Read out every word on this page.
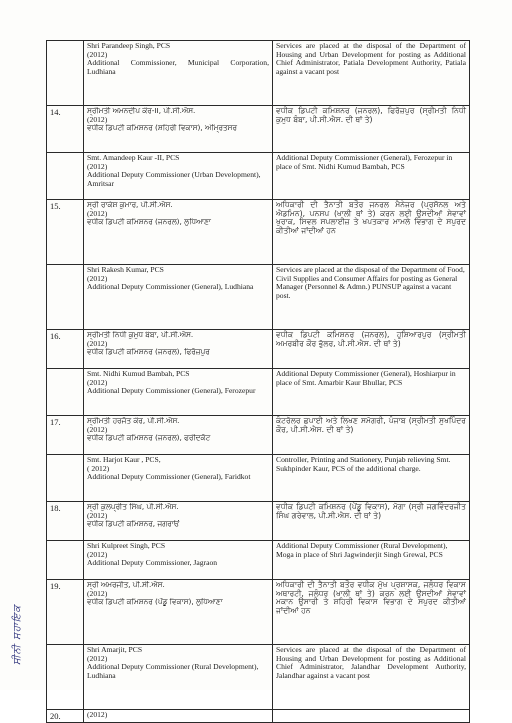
	Shri Parandeep Singh, PCS
(2012)
Additional Commissioner, Municipal Corporation, Ludhiana	Services are placed at the disposal of the Department of Housing and Urban Development for posting as Additional Chief Administrator, Patiala Development Authority, Patiala against a vacant post
14.	ਸ੍ਰੀਮਤੀ ਅਮਨਦੀਪ ਕੌਰ-II, ਪੀ.ਸੀ.ਐਸ.
(2012)
ਵਧੀਕ ਡਿਪਟੀ ਕਮਿਸ਼ਨਰ (ਸ਼ਹਿਰੀ ਵਿਕਾਸ), ਅੰਮ੍ਰਿਤਸਰ	ਵਧੀਕ ਡਿਪਟੀ ਕਮਿਸ਼ਨਰ (ਜਨਰਲ), ਫਿਰੋਜ਼ਪੁਰ (ਸ੍ਰੀਮਤੀ ਨਿਧੀ ਕੁਮੁਧ ਬੰਬਾ, ਪੀ.ਸੀ.ਐਸ. ਦੀ ਥਾਂ ਤੇ)

	Smt. Amandeep Kaur -II, PCS
(2012)
Additional Deputy Commissioner (Urban Development), Amritsar	Additional Deputy Commissioner (General), Ferozepur in place of Smt. Nidhi Kumud Bambah, PCS
15.	ਸ੍ਰੀ ਰਾਕੇਸ਼ ਕੁਮਾਰ, ਪੀ.ਸੀ.ਐਸ.
(2012)
ਵਧੀਕ ਡਿਪਟੀ ਕਮਿਸ਼ਨਰ (ਜਨਰਲ), ਲੁਧਿਆਣਾ	ਅਧਿਕਾਰੀ ਦੀ ਤੈਨਾਤੀ ਬਤੌਰ ਜਨਰਲ ਮੈਨੇਜਰ (ਪ੍ਰਸੋਨਲ ਅਤੇ ਐਡਮਿਨ), ਪਨਸਪ (ਖਾਲੀ ਥਾਂ ਤੇ) ਕਰਨ ਲਈ ਉਸਦੀਆਂ ਸੇਵਾਵਾਂ ਖੁਰਾਕ, ਸਿਵਲ ਸਪਲਾਈਜ਼ ਤੇ ਖਪਤਕਾਰ ਮਾਮਲੇ ਵਿਭਾਗ ਦੇ ਸਪੁਰਦ ਕੀਤੀਆਂ ਜਾਂਦੀਆਂ ਹਨ

	Shri Rakesh Kumar, PCS
(2012)
Additional Deputy Commissioner (General), Ludhiana	Services are placed at the disposal of the Department of Food, Civil Supplies and Consumer Affairs for posting as General Manager (Personnel & Admn.) PUNSUP against a vacant post.
16.	ਸ੍ਰੀਮਤੀ ਨਿਧੀ ਕੁਮੁਧ ਬੰਬਾ, ਪੀ.ਸੀ.ਐਸ.
(2012)
ਵਧੀਕ ਡਿਪਟੀ ਕਮਿਸ਼ਨਰ (ਜਨਰਲ), ਫਿਰੋਜ਼ਪੁਰ	ਵਧੀਕ ਡਿਪਟੀ ਕਮਿਸ਼ਨਰ (ਜਨਰਲ), ਹੁਸ਼ਿਆਰਪੁਰ (ਸ੍ਰੀਮਤੀ ਅਮਰਬੀਰ ਕੌਰ ਭੁੱਲਰ, ਪੀ.ਸੀ.ਐਸ. ਦੀ ਥਾਂ ਤੇ)

	Smt. Nidhi Kumud Bambah, PCS
(2012)
Additional Deputy Commissioner (General), Ferozepur	Additional Deputy Commissioner (General), Hoshiarpur in place of Smt. Amarbir Kaur Bhullar, PCS
17.	ਸ੍ਰੀਮਤੀ ਹਰਜੋਤ ਕੌਰ, ਪੀ.ਸੀ.ਐਸ.
(2012)
ਵਧੀਕ ਡਿਪਟੀ ਕਮਿਸ਼ਨਰ (ਜਨਰਲ), ਫਰੀਦਕੋਟ	ਕੰਟਰੋਲਰ ਛਪਾਈ ਅਤੇ ਲਿਖਣ ਸਮੱਗਰੀ, ਪੰਜਾਬ (ਸ੍ਰੀਮਤੀ ਸੁਖਪਿੰਦਰ ਕੌਰ, ਪੀ.ਸੀ.ਐਸ. ਦੀ ਥਾਂ ਤੇ)

	Smt. Harjot Kaur , PCS,
( 2012)
Additional Deputy Commissioner (General), Faridkot	Controller, Printing and Stationery, Punjab relieving Smt. Sukhpinder Kaur, PCS of the additional charge.
18.	ਸ੍ਰੀ ਕੁਲਪ੍ਰੀਤ ਸਿੰਘ, ਪੀ.ਸੀ.ਐਸ.
(2012)
ਵਧੀਕ ਡਿਪਟੀ ਕਮਿਸ਼ਨਰ, ਜਗਰਾਓਂ	ਵਧੀਕ ਡਿਪਟੀ ਕਮਿਸ਼ਨਰ (ਪੇਂਡੂ ਵਿਕਾਸ), ਮੋਗਾ (ਸ੍ਰੀ ਜਗਵਿੰਦਰਜੀਤ ਸਿੰਘ ਗਰੇਵਾਲ, ਪੀ.ਸੀ.ਐਸ. ਦੀ ਥਾਂ ਤੇ)

	Shri Kulpreet Singh, PCS
(2012)
Additional Deputy Commissioner, Jagraon	Additional Deputy Commissioner (Rural Development), Moga in place of Shri Jagwinderjit Singh Grewal, PCS
19.	ਸ੍ਰੀ ਅਮਰਜੀਤ, ਪੀ.ਸੀ.ਐਸ.
(2012)
ਵਧੀਕ ਡਿਪਟੀ ਕਮਿਸ਼ਨਰ (ਪੇਂਡੂ ਵਿਕਾਸ), ਲੁਧਿਆਣਾ	ਅਧਿਕਾਰੀ ਦੀ ਤੈਨਾਤੀ ਬਤੌਰ ਵਧੀਕ ਮੁੱਖ ਪ੍ਰਸ਼ਾਸਕ, ਜਲੰਧਰ ਵਿਕਾਸ ਅਥਾਰਟੀ, ਜਲੰਧਰ (ਖਾਲੀ ਥਾਂ ਤੇ) ਕਰਨ ਲਈ ਉਸਦੀਆਂ ਸੇਵਾਵਾਂ ਮਕਾਨ ਉਸਾਰੀ ਤੇ ਸ਼ਹਿਰੀ ਵਿਕਾਸ ਵਿਭਾਗ ਦੇ ਸਪੁਰਦ ਕੀਤੀਆਂ ਜਾਂਦੀਆਂ ਹਨ

	Shri Amarjit, PCS
(2012)
Additional Deputy Commissioner (Rural Development), Ludhiana	Services are placed at the disposal of the Department of Housing and Urban Development for posting as Additional Chief Administrator, Jalandhar Development Authority, Jalandhar against a vacant post
20.	(2012)	

ਸੀਨੀ ਸਹਾਇਕ
